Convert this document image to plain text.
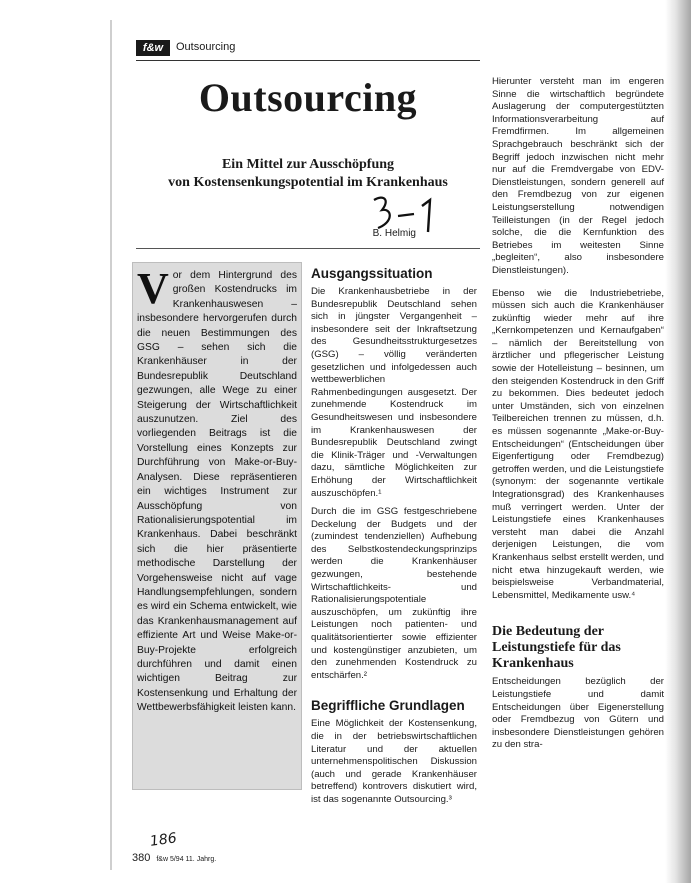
f&w	Outsourcing
Outsourcing
Ein Mittel zur Ausschöpfung
von Kostensenkungspotential im Krankenhaus
B. Helmig
3-1
Vor dem Hintergrund des großen Kostendrucks im Krankenhauswesen – insbesondere hervorgerufen durch die neuen Bestimmungen des GSG – sehen sich die Krankenhäuser in der Bundesrepublik Deutschland gezwungen, alle Wege zu einer Steigerung der Wirtschaftlichkeit auszunutzen. Ziel des vorliegenden Beitrags ist die Vorstellung eines Konzepts zur Durchführung von Make-or-Buy-Analysen. Diese repräsentieren ein wichtiges Instrument zur Ausschöpfung von Rationalisierungspotential im Krankenhaus. Dabei beschränkt sich die hier präsentierte methodische Darstellung der Vorgehensweise nicht auf vage Handlungsempfehlungen, sondern es wird ein Schema entwickelt, wie das Krankenhausmanagement auf effiziente Art und Weise Make-or-Buy-Projekte erfolgreich durchführen und damit einen wichtigen Beitrag zur Kostensenkung und Erhaltung der Wettbewerbsfähigkeit leisten kann.
Ausgangssituation

Die Krankenhausbetriebe in der Bundesrepublik Deutschland sehen sich in jüngster Vergangenheit – insbesondere seit der Inkraftsetzung des Gesundheitsstrukturgesetzes (GSG) – völlig veränderten gesetzlichen und infolgedessen auch wettbewerblichen Rahmenbedingungen ausgesetzt. Der zunehmende Kostendruck im Gesundheitswesen und insbesondere im Krankenhauswesen der Bundesrepublik Deutschland zwingt die Klinik-Träger und -Verwaltungen dazu, sämtliche Möglichkeiten zur Erhöhung der Wirtschaftlichkeit auszuschöpfen.¹

Durch die im GSG festgeschriebene Deckelung der Budgets und der (zumindest tendenziellen) Aufhebung des Selbstkostendeckungsprinzips werden die Krankenhäuser gezwungen, bestehende Wirtschaftlichkeits- und Rationalisierungspotentiale auszuschöpfen, um zukünftig ihre Leistungen noch patienten- und qualitätsorientierter sowie effizienter und kostengünstiger anzubieten, um den zunehmenden Kostendruck zu entschärfen.²

Begriffliche Grundlagen

Eine Möglichkeit der Kostensenkung, die in der betriebswirtschaftlichen Literatur und der aktuellen unternehmenspolitischen Diskussion (auch und gerade Krankenhäuser betreffend) kontrovers diskutiert wird, ist das sogenannte Outsourcing.³

Hierunter versteht man im engeren Sinne die wirtschaftlich begründete Auslagerung der computergestützten Informationsverarbeitung auf Fremdfirmen. Im allgemeinen Sprachgebrauch beschränkt sich der Begriff jedoch inzwischen nicht mehr nur auf die Fremdvergabe von EDV-Dienstleistungen, sondern generell auf den Fremdbezug von zur eigenen Leistungserstellung notwendigen Teilleistungen (in der Regel jedoch solche, die die Kernfunktion des Betriebes im weitesten Sinne „begleiten“, also insbesondere Dienstleistungen).

Ebenso wie die Industriebetriebe, müssen sich auch die Krankenhäuser zukünftig wieder mehr auf ihre „Kernkompetenzen und Kernaufgaben“ – nämlich der Bereitstellung von ärztlicher und pflegerischer Leistung sowie der Hotelleistung – besinnen, um den steigenden Kostendruck in den Griff zu bekommen. Dies bedeutet jedoch unter Umständen, sich von einzelnen Teilbereichen trennen zu müssen, d.h. es müssen sogenannte „Make-or-Buy-Entscheidungen“ (Entscheidungen über Eigenfertigung oder Fremdbezug) getroffen werden, und die Leistungstiefe (synonym: der sogenannte vertikale Integrationsgrad) des Krankenhauses muß verringert werden. Unter der Leistungstiefe eines Krankenhauses versteht man dabei die Anzahl derjenigen Leistungen, die vom Krankenhaus selbst erstellt werden, und nicht etwa hinzugekauft werden, wie beispielsweise Verbandmaterial, Lebensmittel, Medikamente usw.⁴

Die Bedeutung der Leistungstiefe für das Krankenhaus

Entscheidungen bezüglich der Leistungstiefe und damit Entscheidungen über Eigenerstellung oder Fremdbezug von Gütern und insbesondere Dienstleistungen gehören zu den stra-

186
380 f&w 5/94 11. Jahrg.
